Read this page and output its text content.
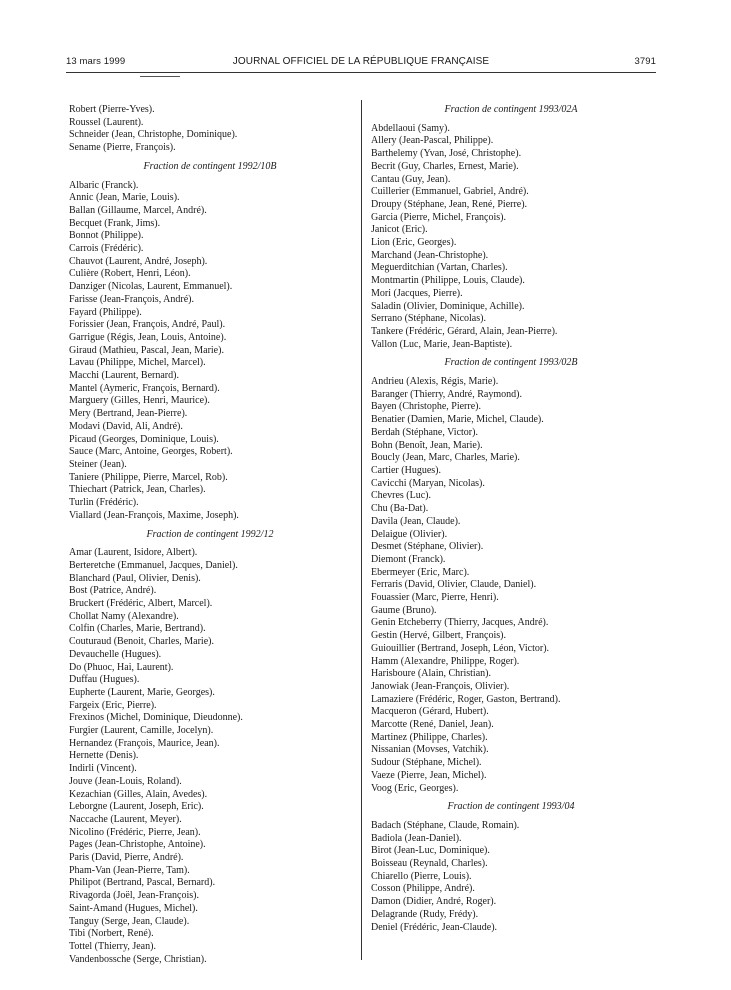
13 mars 1999	JOURNAL OFFICIEL DE LA RÉPUBLIQUE FRANÇAISE	3791
Robert (Pierre-Yves).
Roussel (Laurent).
Schneider (Jean, Christophe, Dominique).
Sename (Pierre, François).
Fraction de contingent 1992/10B
Albaric (Franck).
Annic (Jean, Marie, Louis).
Ballan (Gillaume, Marcel, André).
Becquet (Frank, Jims).
Bonnot (Philippe).
Carrois (Frédéric).
Chauvot (Laurent, André, Joseph).
Culière (Robert, Henri, Léon).
Danziger (Nicolas, Laurent, Emmanuel).
Farisse (Jean-François, André).
Fayard (Philippe).
Forissier (Jean, François, André, Paul).
Garrigue (Régis, Jean, Louis, Antoine).
Giraud (Mathieu, Pascal, Jean, Marie).
Lavau (Philippe, Michel, Marcel).
Macchi (Laurent, Bernard).
Mantel (Aymeric, François, Bernard).
Marguery (Gilles, Henri, Maurice).
Mery (Bertrand, Jean-Pierre).
Modavi (David, Ali, André).
Picaud (Georges, Dominique, Louis).
Sauce (Marc, Antoine, Georges, Robert).
Steiner (Jean).
Taniere (Philippe, Pierre, Marcel, Rob).
Thiechart (Patrick, Jean, Charles).
Turlin (Frédéric).
Viallard (Jean-François, Maxime, Joseph).
Fraction de contingent 1992/12
Amar (Laurent, Isidore, Albert).
Berteretche (Emmanuel, Jacques, Daniel).
Blanchard (Paul, Olivier, Denis).
Bost (Patrice, André).
Bruckert (Frédéric, Albert, Marcel).
Chollat Namy (Alexandre).
Colfin (Charles, Marie, Bertrand).
Couturaud (Benoit, Charles, Marie).
Devauchelle (Hugues).
Do (Phuoc, Hai, Laurent).
Duffau (Hugues).
Eupherte (Laurent, Marie, Georges).
Fargeix (Eric, Pierre).
Frexinos (Michel, Dominique, Dieudonne).
Furgier (Laurent, Camille, Jocelyn).
Hernandez (François, Maurice, Jean).
Hernette (Denis).
Indirli (Vincent).
Jouve (Jean-Louis, Roland).
Kezachian (Gilles, Alain, Avedes).
Leborgne (Laurent, Joseph, Eric).
Naccache (Laurent, Meyer).
Nicolino (Frédéric, Pierre, Jean).
Pages (Jean-Christophe, Antoine).
Paris (David, Pierre, André).
Pham-Van (Jean-Pierre, Tam).
Philipot (Bertrand, Pascal, Bernard).
Rivagorda (Joël, Jean-François).
Saint-Amand (Hugues, Michel).
Tanguy (Serge, Jean, Claude).
Tibi (Norbert, René).
Tottel (Thierry, Jean).
Vandenbossche (Serge, Christian).
Fraction de contingent 1993/02A
Abdellaoui (Samy).
Allery (Jean-Pascal, Philippe).
Barthelemy (Yvan, José, Christophe).
Becrit (Guy, Charles, Ernest, Marie).
Cantau (Guy, Jean).
Cuillerier (Emmanuel, Gabriel, André).
Droupy (Stéphane, Jean, René, Pierre).
Garcia (Pierre, Michel, François).
Janicot (Eric).
Lion (Eric, Georges).
Marchand (Jean-Christophe).
Meguerditchian (Vartan, Charles).
Montmartin (Philippe, Louis, Claude).
Mori (Jacques, Pierre).
Saladin (Olivier, Dominique, Achille).
Serrano (Stéphane, Nicolas).
Tankere (Frédéric, Gérard, Alain, Jean-Pierre).
Vallon (Luc, Marie, Jean-Baptiste).
Fraction de contingent 1993/02B
Andrieu (Alexis, Régis, Marie).
Baranger (Thierry, André, Raymond).
Bayen (Christophe, Pierre).
Benatier (Damien, Marie, Michel, Claude).
Berdah (Stéphane, Victor).
Bohn (Benoît, Jean, Marie).
Boucly (Jean, Marc, Charles, Marie).
Cartier (Hugues).
Cavicchi (Maryan, Nicolas).
Chevres (Luc).
Chu (Ba-Dat).
Davila (Jean, Claude).
Delaigue (Olivier).
Desmet (Stéphane, Olivier).
Diemont (Franck).
Ebermeyer (Eric, Marc).
Ferraris (David, Olivier, Claude, Daniel).
Fouassier (Marc, Pierre, Henri).
Gaume (Bruno).
Genin Etcheberry (Thierry, Jacques, André).
Gestin (Hervé, Gilbert, François).
Guiouillier (Bertrand, Joseph, Léon, Victor).
Hamm (Alexandre, Philippe, Roger).
Harisboure (Alain, Christian).
Janowiak (Jean-François, Olivier).
Lamaziere (Frédéric, Roger, Gaston, Bertrand).
Macqueron (Gérard, Hubert).
Marcotte (René, Daniel, Jean).
Martinez (Philippe, Charles).
Nissanian (Movses, Vatchik).
Sudour (Stéphane, Michel).
Vaeze (Pierre, Jean, Michel).
Voog (Eric, Georges).
Fraction de contingent 1993/04
Badach (Stéphane, Claude, Romain).
Badiola (Jean-Daniel).
Birot (Jean-Luc, Dominique).
Boisseau (Reynald, Charles).
Chiarello (Pierre, Louis).
Cosson (Philippe, André).
Damon (Didier, André, Roger).
Delagrande (Rudy, Frédy).
Deniel (Frédéric, Jean-Claude).
